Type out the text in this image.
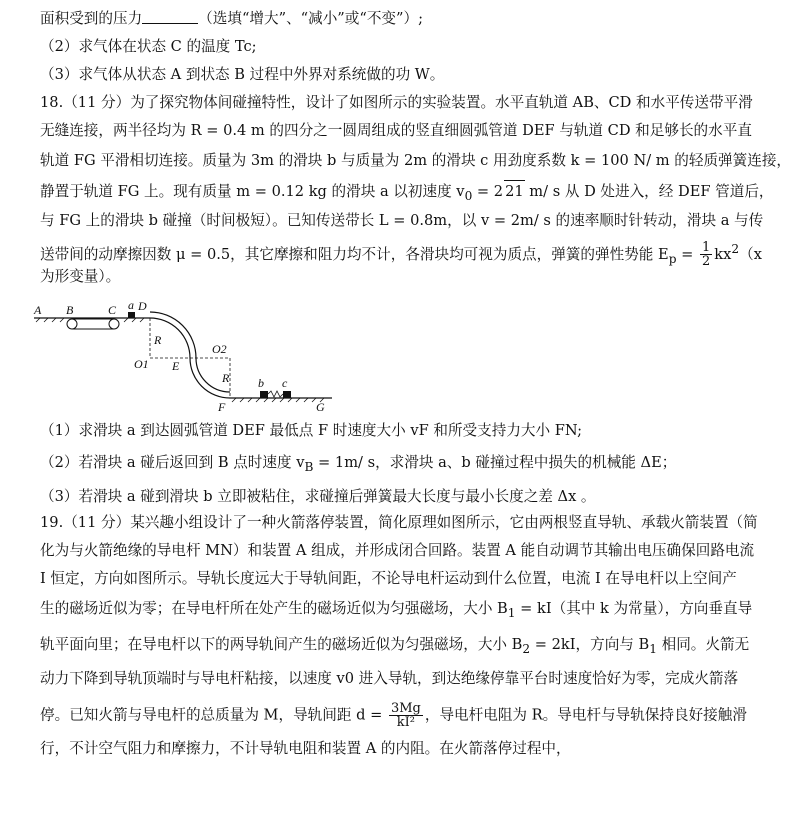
面积受到的压力	（选填“增大”、“减小”或“不变”）;
（2）求气体在状态 C 的温度 Tc;
（3）求气体从状态 A 到状态 B 过程中外界对系统做的功 W。
18.（11 分）为了探究物体间碰撞特性，设计了如图所示的实验装置。水平直轨道 AB、CD 和水平传送带平滑
无缝连接，两半径均为 R = 0.4 m 的四分之一圆周组成的竖直细圆弧管道 DEF 与轨道 CD 和足够长的水平直
轨道 FG 平滑相切连接。质量为 3m 的滑块 b 与质量为 2m 的滑块 c 用劲度系数 k = 100 N/ m 的轻质弹簧连接，
静置于轨道 FG 上。现有质量 m = 0.12 kg 的滑块 a 以初速度 $v_0 = 2$ 21 m/ s 从 D 处进入，经 DEF 管道后，
与 FG 上的滑块 b 碰撞（时间极短）。已知传送带长 L = 0.8m，以 v = 2m/ s 的速率顺时针转动，滑块 a 与传
送带间的动摩擦因数 μ = 0.5，其它摩擦和阻力均不计，各滑块均可视为质点，弹簧的弹性势能 $E_p = \frac{1}{2} kx^2(x$
为形变量）。
A B	C a D
R
O1 E
O2
R b c
F	G
（1）求滑块 a 到达圆弧管道 DEF 最低点 F 时速度大小 vF 和所受支持力大小 FN;
（2）若滑块 a 碰后返回到 B 点时速度 $v_B = 1m/$ s，求滑块 a、b 碰撞过程中损失的机械能 ΔE；
（3）若滑块 a 碰到滑块 b 立即被粘住，求碰撞后弹簧最大长度与最小长度之差 Δx 。
19.（11 分）某兴趣小组设计了一种火箭落停装置，简化原理如图所示，它由两根竖直导轨、承载火箭装置（简
化为与火箭绝缘的导电杆 MN）和装置 A 组成，并形成闭合回路。装置 A 能自动调节其输出电压确保回路电流
I 恒定，方向如图所示。导轨长度远大于导轨间距，不论导电杆运动到什么位置，电流 I 在导电杆以上空间产
生的磁场近似为零；在导电杆所在处产生的磁场近似为匀强磁场，大小 $B_1 = kI$（其中 k 为常量），方向垂直导
轨平面向里；在导电杆以下的两导轨间产生的磁场近似为匀强磁场，大小 $B_2 = 2kI$，方向与 $B_1$ 相同。火箭无
动力下降到导轨顶端时与导电杆粘接，以速度 v0 进入导轨，到达绝缘停靠平台时速度恰好为零，完成火箭落
停。已知火箭与导电杆的总质量为 M，导轨间距 $d = \frac{3Mg}{\text{kI²}}$ ，导电杆电阻为 R。导电杆与导轨保持良好接触滑
行，不计空气阻力和摩擦力，不计导轨电阻和装置 A 的内阻。在火箭落停过程中，
